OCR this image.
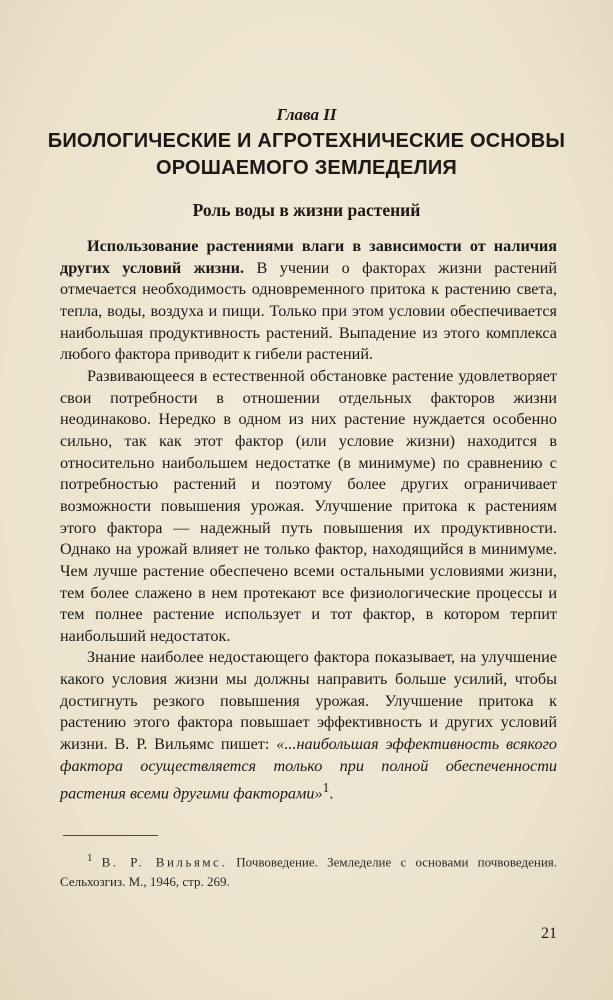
Глава II
БИОЛОГИЧЕСКИЕ И АГРОТЕХНИЧЕСКИЕ ОСНОВЫ ОРОШАЕМОГО ЗЕМЛЕДЕЛИЯ
Роль воды в жизни растений

Использование растениями влаги в зависимости от наличия других условий жизни. В учении о факторах жизни растений отмечается необходимость одновременного притока к растению света, тепла, воды, воздуха и пищи. Только при этом условии обеспечивается наибольшая продуктивность растений. Выпадение из этого комплекса любого фактора приводит к гибели растений.

Развивающееся в естественной обстановке растение удовлетворяет свои потребности в отношении отдельных факторов жизни неодинаково. Нередко в одном из них растение нуждается особенно сильно, так как этот фактор (или условие жизни) находится в относительно наибольшем недостатке (в минимуме) по сравнению с потребностью растений и поэтому более других ограничивает возможности повышения урожая. Улучшение притока к растениям этого фактора — надежный путь повышения их продуктивности. Однако на урожай влияет не только фактор, находящийся в минимуме. Чем лучше растение обеспечено всеми остальными условиями жизни, тем более слажено в нем протекают все физиологические процессы и тем полнее растение использует и тот фактор, в котором терпит наибольший недостаток.

Знание наиболее недостающего фактора показывает, на улучшение какого условия жизни мы должны направить больше усилий, чтобы достигнуть резкого повышения урожая. Улучшение притока к растению этого фактора повышает эффективность и других условий жизни. В. Р. Вильямс пишет: «...наибольшая эффективность всякого фактора осуществляется только при полной обеспеченности растения всеми другими факторами»$^1$.

$^1$ В. Р. Вильямс. Почвоведение. Земледелие с основами почвоведения. Сельхозгиз. М., 1946, стр. 269.
21
